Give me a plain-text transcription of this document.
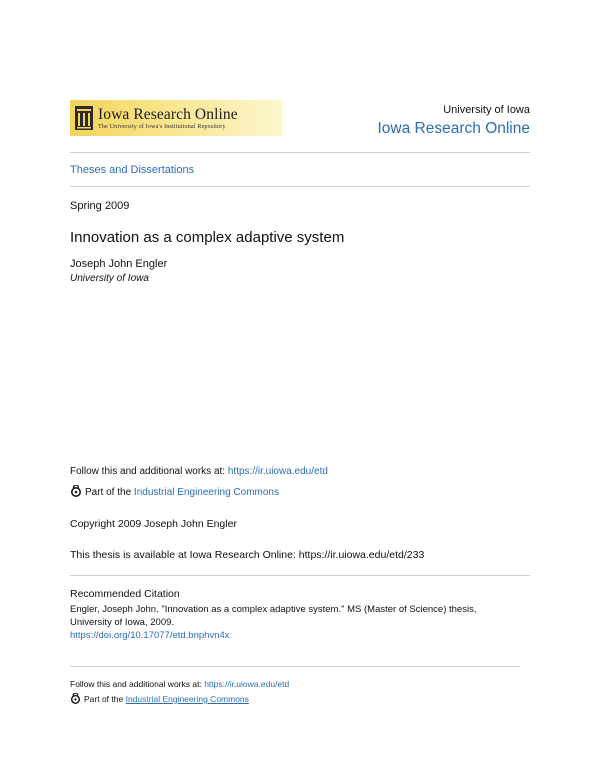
Iowa Research Online
The University of Iowa's Institutional Repository
University of Iowa
Iowa Research Online
Theses and Dissertations
Spring 2009
Innovation as a complex adaptive system
Joseph John Engler
University of Iowa
Follow this and additional works at: https://ir.uiowa.edu/etd
Part of the Industrial Engineering Commons
Copyright 2009 Joseph John Engler
This thesis is available at Iowa Research Online: https://ir.uiowa.edu/etd/233
Recommended Citation
Engler, Joseph John. "Innovation as a complex adaptive system." MS (Master of Science) thesis,
University of Iowa, 2009.
https://doi.org/10.17077/etd.bnphvn4x
Follow this and additional works at: https://ir.uiowa.edu/etd
Part of the Industrial Engineering Commons
